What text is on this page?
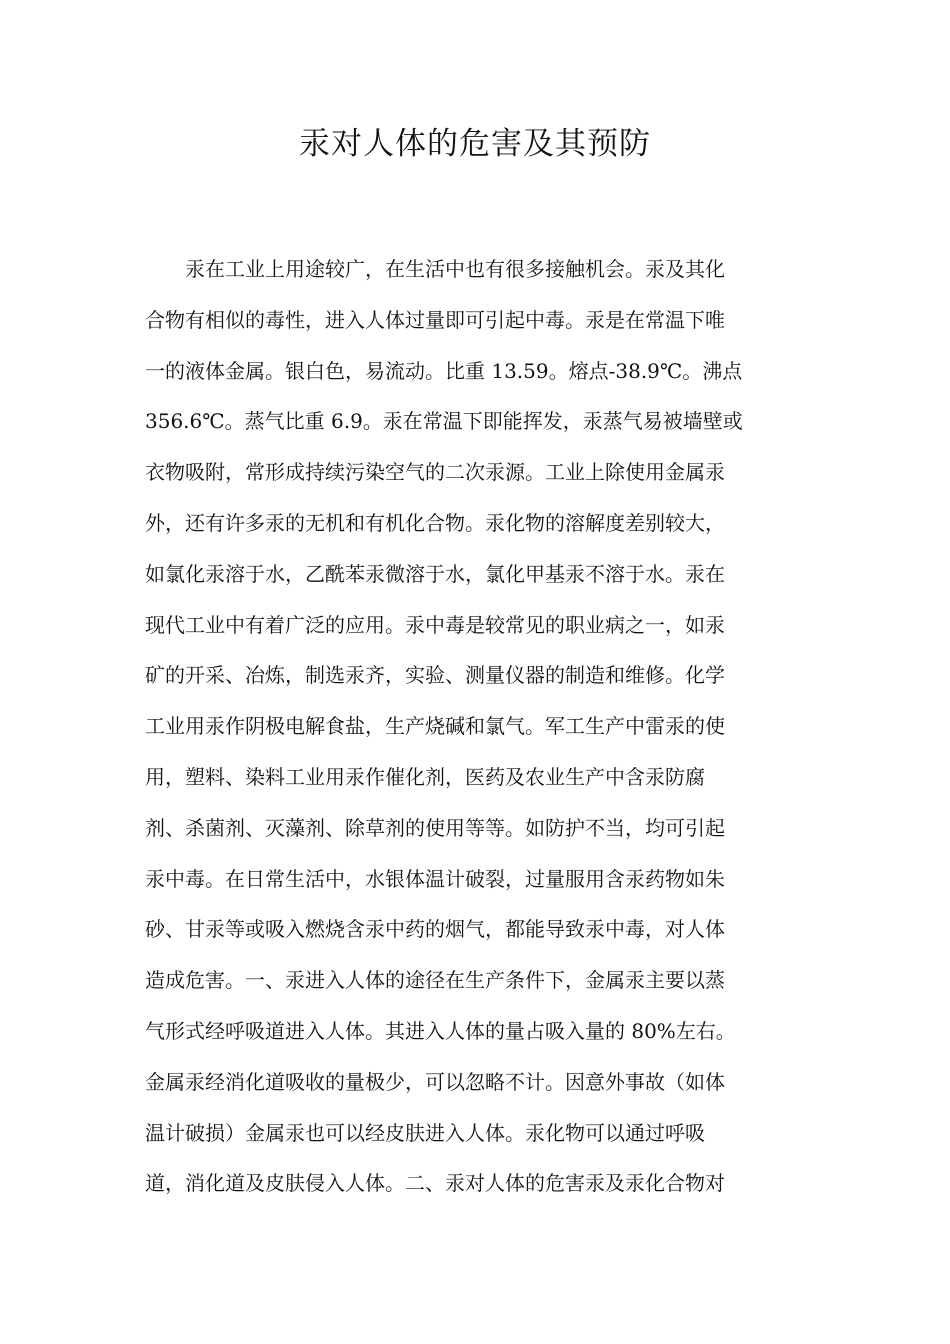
汞对人体的危害及其预防
　　汞在工业上用途较广，在生活中也有很多接触机会。汞及其化
合物有相似的毒性，进入人体过量即可引起中毒。汞是在常温下唯
一的液体金属。银白色，易流动。比重 13.59。熔点-38.9℃。沸点
356.6℃。蒸气比重 6.9。汞在常温下即能挥发，汞蒸气易被墙壁或
衣物吸附，常形成持续污染空气的二次汞源。工业上除使用金属汞
外，还有许多汞的无机和有机化合物。汞化物的溶解度差别较大，
如氯化汞溶于水，乙酰苯汞微溶于水，氯化甲基汞不溶于水。汞在
现代工业中有着广泛的应用。汞中毒是较常见的职业病之一，如汞
矿的开采、冶炼，制选汞齐，实验、测量仪器的制造和维修。化学
工业用汞作阴极电解食盐，生产烧碱和氯气。军工生产中雷汞的使
用，塑料、染料工业用汞作催化剂，医药及农业生产中含汞防腐
剂、杀菌剂、灭藻剂、除草剂的使用等等。如防护不当，均可引起
汞中毒。在日常生活中，水银体温计破裂，过量服用含汞药物如朱
砂、甘汞等或吸入燃烧含汞中药的烟气，都能导致汞中毒，对人体
造成危害。一、汞进入人体的途径在生产条件下，金属汞主要以蒸
气形式经呼吸道进入人体。其进入人体的量占吸入量的 80%左右。
金属汞经消化道吸收的量极少，可以忽略不计。因意外事故（如体
温计破损）金属汞也可以经皮肤进入人体。汞化物可以通过呼吸
道，消化道及皮肤侵入人体。二、汞对人体的危害汞及汞化合物对
